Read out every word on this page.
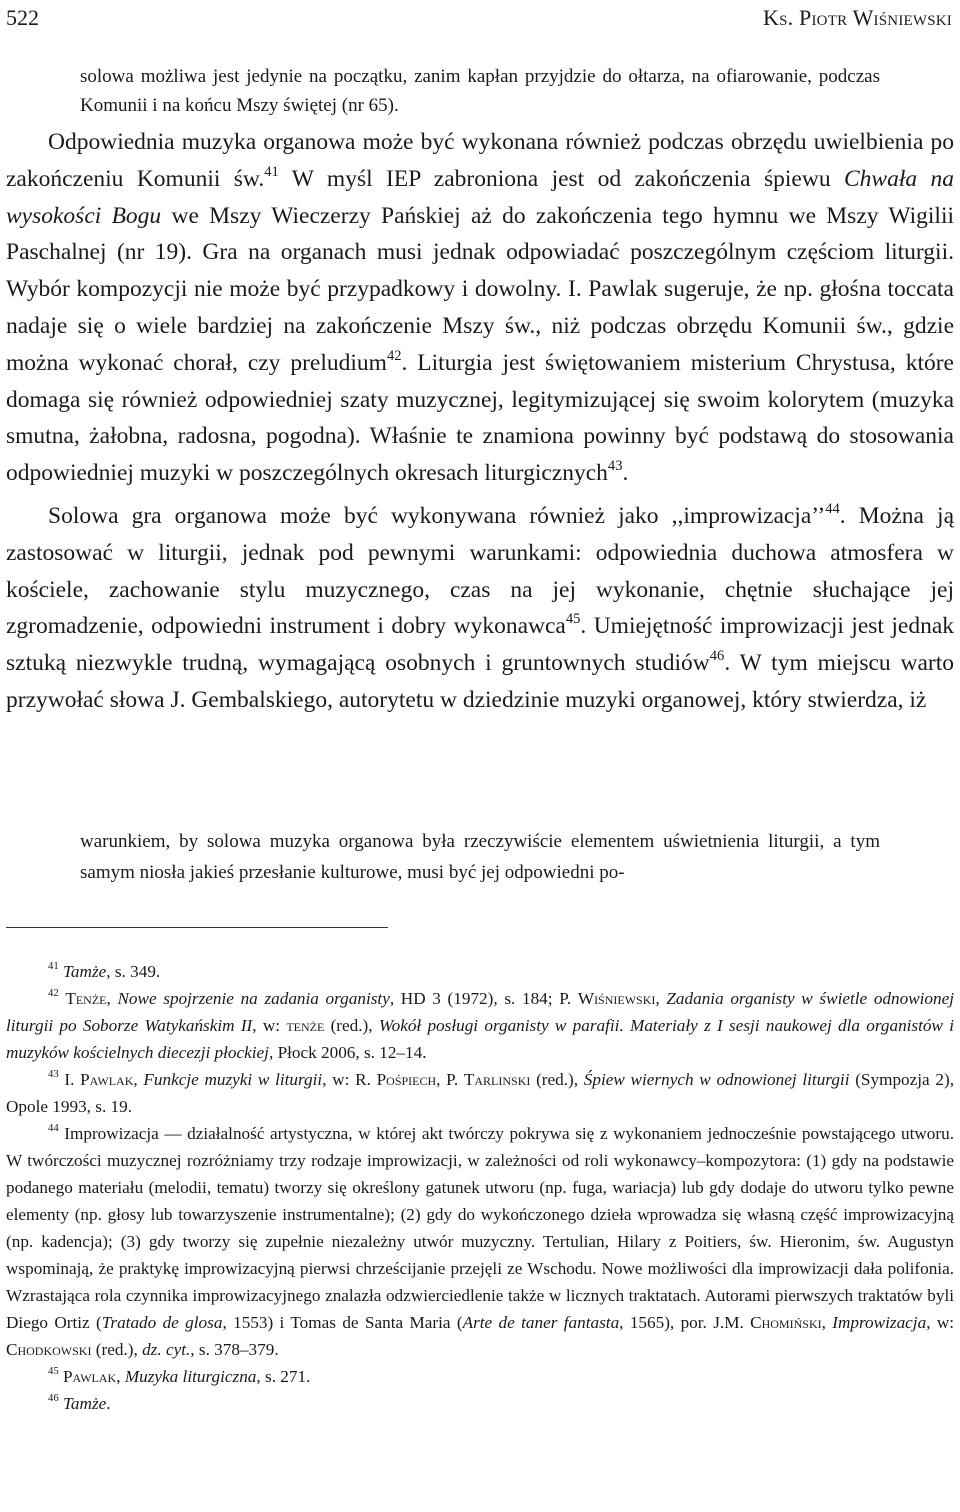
522	Ks. Piotr Wiśniewski
solowa możliwa jest jedynie na początku, zanim kapłan przyjdzie do ołtarza, na ofiarowanie, podczas Komunii i na końcu Mszy świętej (nr 65).

Odpowiednia muzyka organowa może być wykonana również podczas obrzędu uwielbienia po zakończeniu Komunii św.$^{41}$ W myśl IEP zabroniona jest od zakończenia śpiewu Chwała na wysokości Bogu we Mszy Wieczerzy Pańskiej aż do zakończenia tego hymnu we Mszy Wigilii Paschalnej (nr 19). Gra na organach musi jednak odpowiadać poszczególnym częściom liturgii. Wybór kompozycji nie może być przypadkowy i dowolny. I. Pawlak sugeruje, że np. głośna toccata nadaje się o wiele bardziej na zakończenie Mszy św., niż podczas obrzędu Komunii św., gdzie można wykonać chorał, czy preludium$^{42}$. Liturgia jest świętowaniem misterium Chrystusa, które domaga się również odpowiedniej szaty muzycznej, legitymizującej się swoim kolorytem (muzyka smutna, żałobna, radosna, pogodna). Właśnie te znamiona powinny być podstawą do stosowania odpowiedniej muzyki w poszczególnych okresach liturgicznych$^{43}$.

Solowa gra organowa może być wykonywana również jako ,,improwizacja’’$^{44}$. Można ją zastosować w liturgii, jednak pod pewnymi warunkami: odpowiednia duchowa atmosfera w kościele, zachowanie stylu muzycznego, czas na jej wykonanie, chętnie słuchające jej zgromadzenie, odpowiedni instrument i dobry wykonawca$^{45}$. Umiejętność improwizacji jest jednak sztuką niezwykle trudną, wymagającą osobnych i gruntownych studiów$^{46}$. W tym miejscu warto przywołać słowa J. Gembalskiego, autorytetu w dziedzinie muzyki organowej, który stwierdza, iż

warunkiem, by solowa muzyka organowa była rzeczywiście elementem uświetnienia liturgii, a tym samym niosła jakieś przesłanie kulturowe, musi być jej odpowiedni po-

$^{41}$ Tamże, s. 349.

$^{42}$ Tenże, Nowe spojrzenie na zadania organisty, HD 3 (1972), s. 184; P. Wiśniewski, Zadania organisty w świetle odnowionej liturgii po Soborze Watykańskim II, w: tenże (red.), Wokół posługi organisty w parafii. Materiały z I sesji naukowej dla organistów i muzyków kościelnych diecezji płockiej, Płock 2006, s. 12–14.

$^{43}$ I. Pawlak, Funkcje muzyki w liturgii, w: R. Pośpiech, P. Tarlinski (red.), Śpiew wiernych w odnowionej liturgii (Sympozja 2), Opole 1993, s. 19.

$^{44}$ Improwizacja — działalność artystyczna, w której akt twórczy pokrywa się z wykonaniem jednocześnie powstającego utworu. W twórczości muzycznej rozróżniamy trzy rodzaje improwizacji, w zależności od roli wykonawcy–kompozytora: (1) gdy na podstawie podanego materiału (melodii, tematu) tworzy się określony gatunek utworu (np. fuga, wariacja) lub gdy dodaje do utworu tylko pewne elementy (np. głosy lub towarzyszenie instrumentalne); (2) gdy do wykończonego dzieła wprowadza się własną część improwizacyjną (np. kadencja); (3) gdy tworzy się zupełnie niezależny utwór muzyczny. Tertulian, Hilary z Poitiers, św. Hieronim, św. Augustyn wspominają, że praktykę improwizacyjną pierwsi chrześcijanie przejęli ze Wschodu. Nowe możliwości dla improwizacji dała polifonia. Wzrastająca rola czynnika improwizacyjnego znalazła odzwierciedlenie także w licznych traktatach. Autorami pierwszych traktatów byli Diego Ortiz (Tratado de glosa, 1553) i Tomas de Santa Maria (Arte de taner fantasta, 1565), por. J.M. Chomiński, Improwizacja, w: Chodkowski (red.), dz. cyt., s. 378–379.

$^{45}$ Pawlak, Muzyka liturgiczna, s. 271.

$^{46}$ Tamże.
